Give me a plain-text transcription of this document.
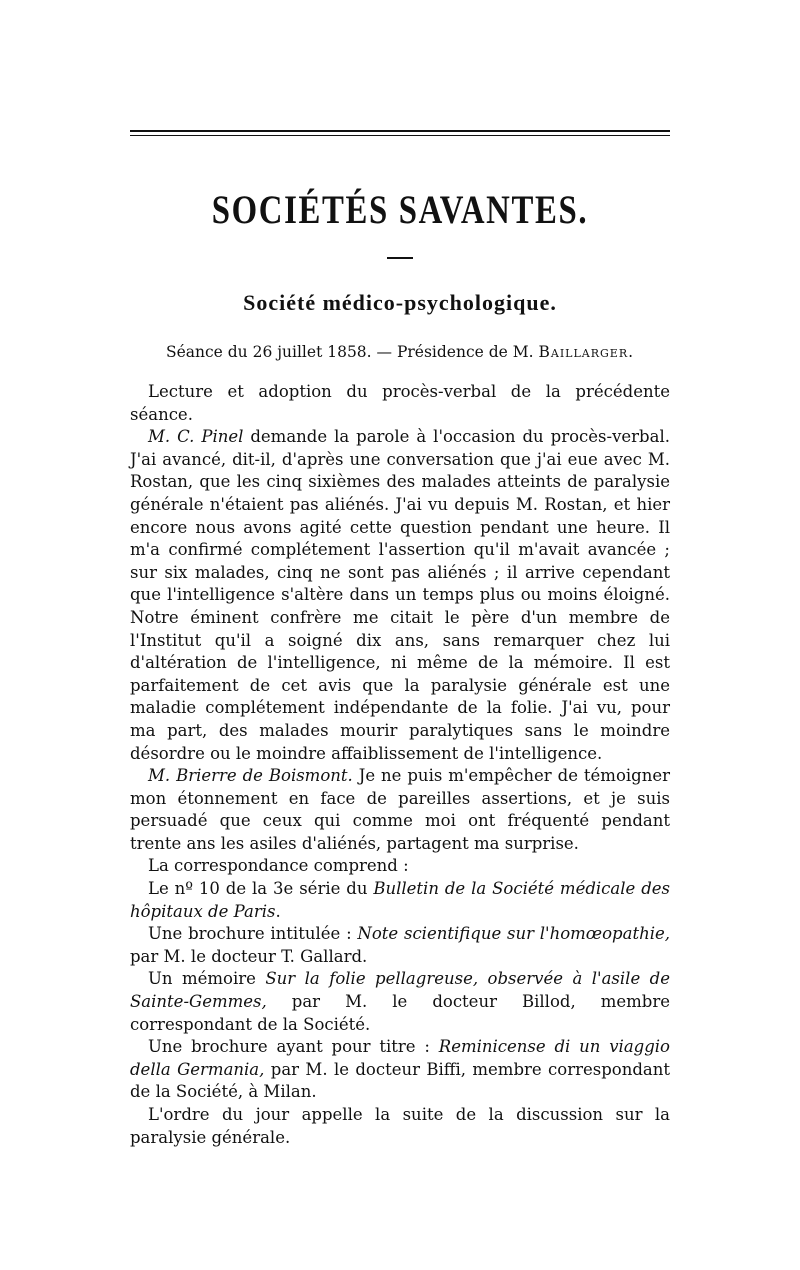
SOCIÉTÉS SAVANTES.
Société médico-psychologique.
Séance du 26 juillet 1858. — Présidence de M. Baillarger.

Lecture et adoption du procès-verbal de la précédente séance.

M. C. Pinel demande la parole à l'occasion du procès-verbal. J'ai avancé, dit-il, d'après une conversation que j'ai eue avec M. Rostan, que les cinq sixièmes des malades atteints de paralysie générale n'étaient pas aliénés. J'ai vu depuis M. Rostan, et hier encore nous avons agité cette question pendant une heure. Il m'a confirmé complétement l'assertion qu'il m'avait avancée ; sur six malades, cinq ne sont pas aliénés ; il arrive cependant que l'intelligence s'altère dans un temps plus ou moins éloigné. Notre éminent confrère me citait le père d'un membre de l'Institut qu'il a soigné dix ans, sans remarquer chez lui d'altération de l'intelligence, ni même de la mémoire. Il est parfaitement de cet avis que la paralysie générale est une maladie complétement indépendante de la folie. J'ai vu, pour ma part, des malades mourir paralytiques sans le moindre désordre ou le moindre affaiblissement de l'intelligence.

M. Brierre de Boismont. Je ne puis m'empêcher de témoigner mon étonnement en face de pareilles assertions, et je suis persuadé que ceux qui comme moi ont fréquenté pendant trente ans les asiles d'aliénés, partagent ma surprise.

La correspondance comprend :

Le nº 10 de la 3e série du Bulletin de la Société médicale des hôpitaux de Paris.

Une brochure intitulée : Note scientifique sur l'homœopathie, par M. le docteur T. Gallard.

Un mémoire Sur la folie pellagreuse, observée à l'asile de Sainte-Gemmes, par M. le docteur Billod, membre correspondant de la Société.

Une brochure ayant pour titre : Reminicense di un viaggio della Germania, par M. le docteur Biffi, membre correspondant de la Société, à Milan.

L'ordre du jour appelle la suite de la discussion sur la paralysie générale.
